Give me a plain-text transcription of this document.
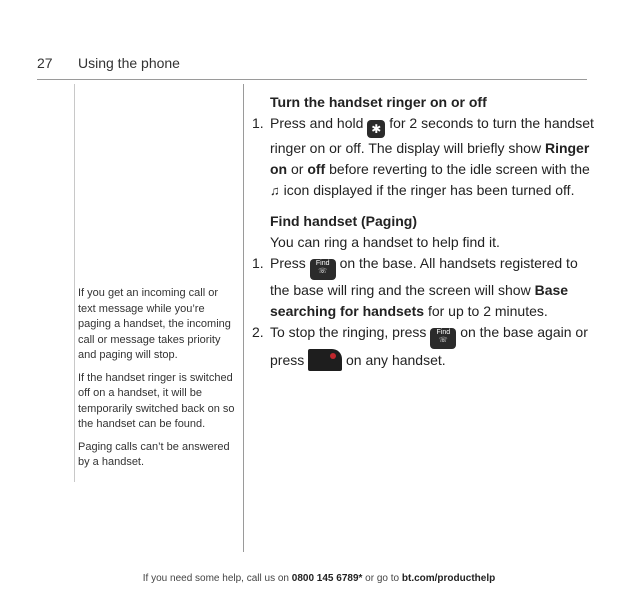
27 Using the phone

If you get an incoming call or text message while you’re paging a handset, the incoming call or message takes priority and paging will stop.

If the handset ringer is switched off on a handset, it will be temporarily switched back on so the handset can be found.

Paging calls can’t be answered by a handset.

Turn the handset ringer on or off
1. Press and hold ✱ for 2 seconds to turn the handset ringer on or off. The display will briefly show Ringer on or off before reverting to the idle screen with the ♫ icon displayed if the ringer has been turned off.
Find handset (Paging)
You can ring a handset to help find it.
1. Press	Find
☏
on the base. All handsets registered to the base will ring and the screen will show Base searching for handsets for up to 2 minutes.
2. To stop the ringing, press	Find
☏
on the base again or press	on any handset.
If you need some help, call us on 0800 145 6789* or go to bt.com/producthelp
